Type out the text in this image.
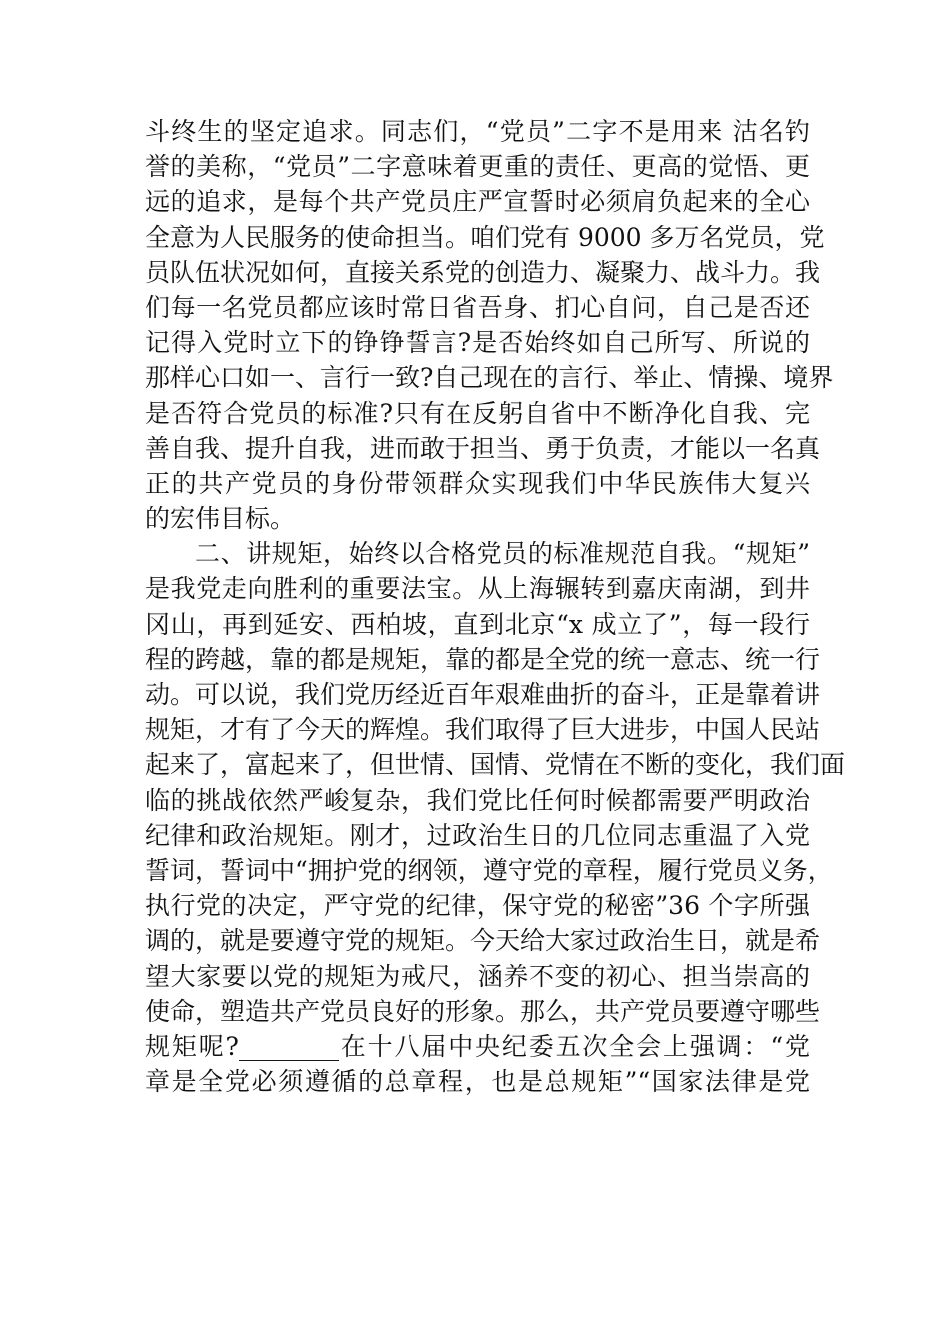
斗终生的坚定追求。同志们，“党员”二字不是用来 沽名钓
誉的美称，“党员”二字意味着更重的责任、更高的觉悟、更
远的追求，是每个共产党员庄严宣誓时必须肩负起来的全心
全意为人民服务的使命担当。咱们党有 9000 多万名党员，党
员队伍状况如何，直接关系党的创造力、凝聚力、战斗力。我
们每一名党员都应该时常日省吾身、扪心自问，自己是否还
记得入党时立下的铮铮誓言?是否始终如自己所写、所说的
那样心口如一、言行一致?自己现在的言行、举止、情操、境界
是否符合党员的标准?只有在反躬自省中不断净化自我、完
善自我、提升自我，进而敢于担当、勇于负责，才能以一名真
正的共产党员的身份带领群众实现我们中华民族伟大复兴
的宏伟目标。
二、讲规矩，始终以合格党员的标准规范自我。“规矩”
是我党走向胜利的重要法宝。从上海辗转到嘉庆南湖，到井
冈山，再到延安、西柏坡，直到北京“x 成立了”，每一段行
程的跨越，靠的都是规矩，靠的都是全党的统一意志、统一行
动。可以说，我们党历经近百年艰难曲折的奋斗，正是靠着讲
规矩，才有了今天的辉煌。我们取得了巨大进步，中国人民站
起来了，富起来了，但世情、国情、党情在不断的变化，我们面
临的挑战依然严峻复杂，我们党比任何时候都需要严明政治
纪律和政治规矩。刚才，过政治生日的几位同志重温了入党
誓词，誓词中“拥护党的纲领，遵守党的章程，履行党员义务，
执行党的决定，严守党的纪律，保守党的秘密”36 个字所强
调的，就是要遵守党的规矩。今天给大家过政治生日，就是希
望大家要以党的规矩为戒尺，涵养不变的初心、担当崇高的
使命，塑造共产党员良好的形象。那么，共产党员要遵守哪些
规矩呢?________在十八届中央纪委五次全会上强调：“党
章是全党必须遵循的总章程，也是总规矩”“国家法律是党
